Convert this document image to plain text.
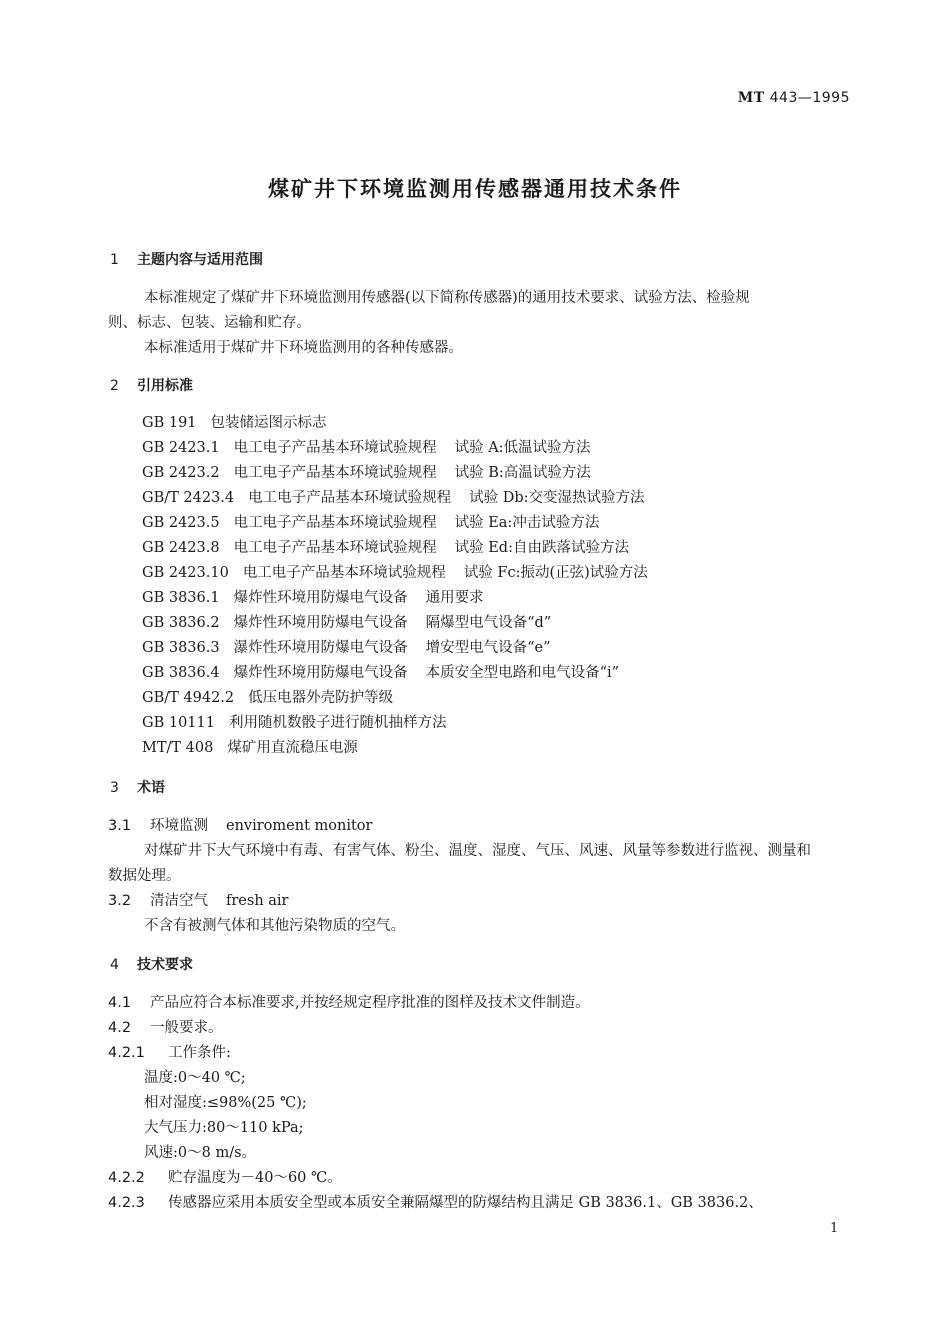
MT 443—1995
煤矿井下环境监测用传感器通用技术条件
1 主题内容与适用范围
本标准规定了煤矿井下环境监测用传感器(以下简称传感器)的通用技术要求、试验方法、检验规
则、标志、包装、运输和贮存。
本标准适用于煤矿井下环境监测用的各种传感器。
2 引用标准
GB 191 包装储运图示标志
GB 2423.1 电工电子产品基本环境试验规程 试验 A:低温试验方法
GB 2423.2 电工电子产品基本环境试验规程 试验 B:高温试验方法
GB/T 2423.4 电工电子产品基本环境试验规程 试验 Db:交变湿热试验方法
GB 2423.5 电工电子产品基本环境试验规程 试验 Ea:冲击试验方法
GB 2423.8 电工电子产品基本环境试验规程 试验 Ed:自由跌落试验方法
GB 2423.10 电工电子产品基本环境试验规程 试验 Fc:振动(正弦)试验方法
GB 3836.1 爆炸性环境用防爆电气设备 通用要求
GB 3836.2 爆炸性环境用防爆电气设备 隔爆型电气设备“d”
GB 3836.3 瀑炸性环境用防爆电气设备 增安型电气设备“e”
GB 3836.4 爆炸性环境用防爆电气设备 本质安全型电路和电气设备“i”
GB/T 4942.2 低压电器外壳防护等级
GB 10111 利用随机数骰子进行随机抽样方法
MT/T 408 煤矿用直流稳压电源
3 术语
3.1 环境监测 enviroment monitor
对煤矿井下大气环境中有毒、有害气体、粉尘、温度、湿度、气压、风速、风量等参数进行监视、测量和
数据处理。
3.2 清洁空气 fresh air
不含有被测气体和其他污染物质的空气。
4 技术要求
4.1 产品应符合本标准要求,并按经规定程序批准的图样及技术文件制造。
4.2 一般要求。
4.2.1 工作条件:
温度:0～40 ℃;
相对湿度:≤98%(25 ℃);
大气压力:80～110 kPa;
风速:0～8 m/s。
4.2.2 贮存温度为－40～60 ℃。
4.2.3 传感器应采用本质安全型或本质安全兼隔爆型的防爆结构且满足 GB 3836.1、GB 3836.2、
1
